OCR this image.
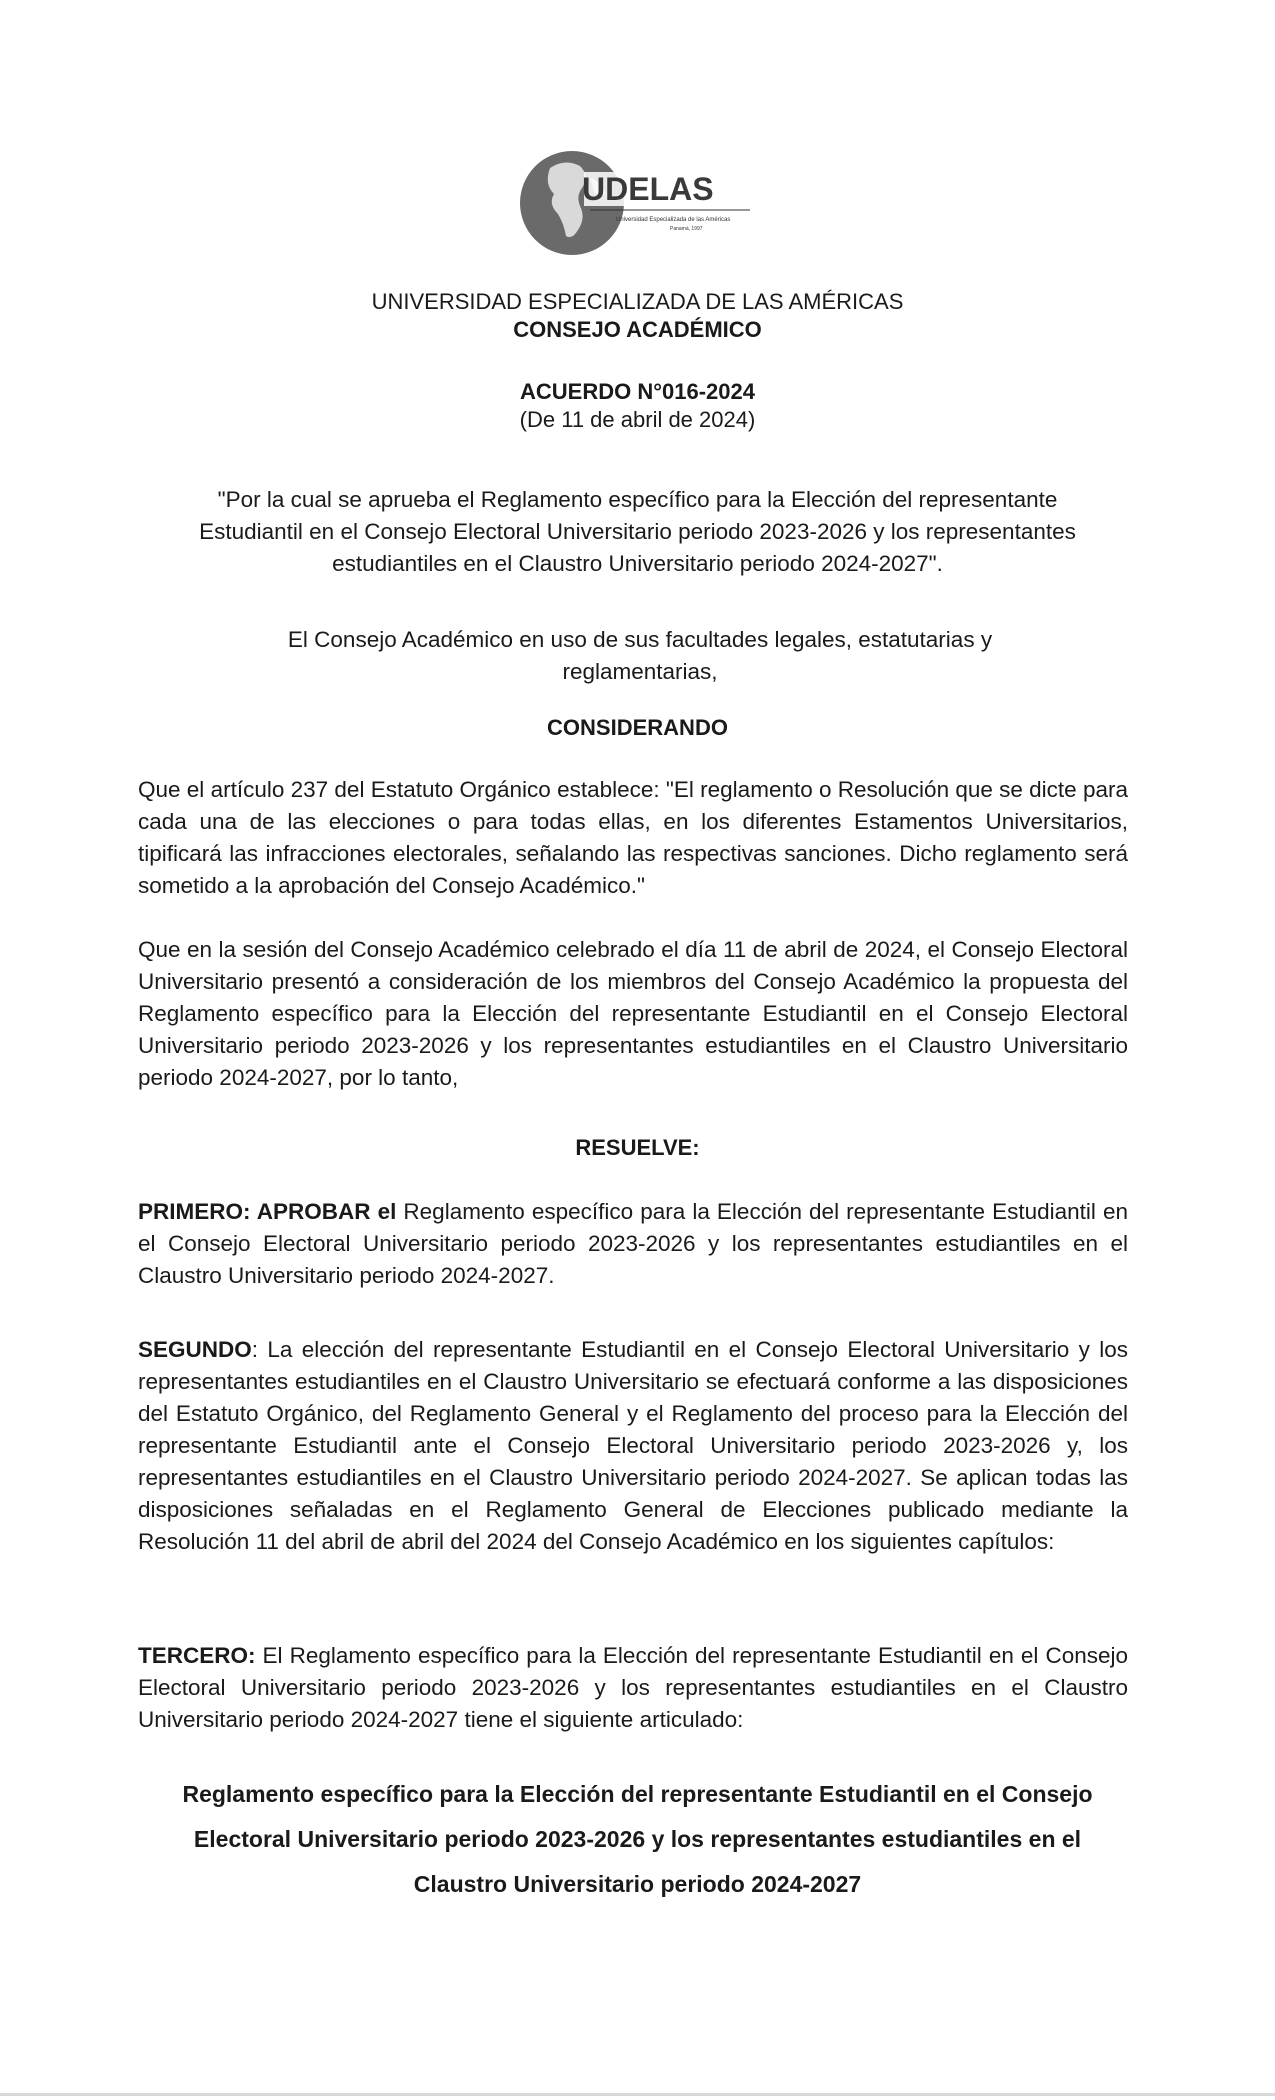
UDELAS
Universidad Especializada de las Américas
Panamá, 1997
UNIVERSIDAD ESPECIALIZADA DE LAS AMÉRICAS
CONSEJO ACADÉMICO
ACUERDO N°016-2024
(De 11 de abril de 2024)
"Por la cual se aprueba el Reglamento específico para la Elección del representante Estudiantil en el Consejo Electoral Universitario periodo 2023-2026 y los representantes estudiantiles en el Claustro Universitario periodo 2024-2027".
El Consejo Académico en uso de sus facultades legales, estatutarias y reglamentarias,
CONSIDERANDO
Que el artículo 237 del Estatuto Orgánico establece: "El reglamento o Resolución que se dicte para cada una de las elecciones o para todas ellas, en los diferentes Estamentos Universitarios, tipificará las infracciones electorales, señalando las respectivas sanciones. Dicho reglamento será sometido a la aprobación del Consejo Académico."
Que en la sesión del Consejo Académico celebrado el día 11 de abril de 2024, el Consejo Electoral Universitario presentó a consideración de los miembros del Consejo Académico la propuesta del Reglamento específico para la Elección del representante Estudiantil en el Consejo Electoral Universitario periodo 2023-2026 y los representantes estudiantiles en el Claustro Universitario periodo 2024-2027, por lo tanto,
RESUELVE:
PRIMERO: APROBAR el Reglamento específico para la Elección del representante Estudiantil en el Consejo Electoral Universitario periodo 2023-2026 y los representantes estudiantiles en el Claustro Universitario periodo 2024-2027.
SEGUNDO: La elección del representante Estudiantil en el Consejo Electoral Universitario y los representantes estudiantiles en el Claustro Universitario se efectuará conforme a las disposiciones del Estatuto Orgánico, del Reglamento General y el Reglamento del proceso para la Elección del representante Estudiantil ante el Consejo Electoral Universitario periodo 2023-2026 y, los representantes estudiantiles en el Claustro Universitario periodo 2024-2027. Se aplican todas las disposiciones señaladas en el Reglamento General de Elecciones publicado mediante la Resolución 11 del abril de abril del 2024 del Consejo Académico en los siguientes capítulos:
TERCERO: El Reglamento específico para la Elección del representante Estudiantil en el Consejo Electoral Universitario periodo 2023-2026 y los representantes estudiantiles en el Claustro Universitario periodo 2024-2027 tiene el siguiente articulado:
Reglamento específico para la Elección del representante Estudiantil en el Consejo Electoral Universitario periodo 2023-2026 y los representantes estudiantiles en el Claustro Universitario periodo 2024-2027
